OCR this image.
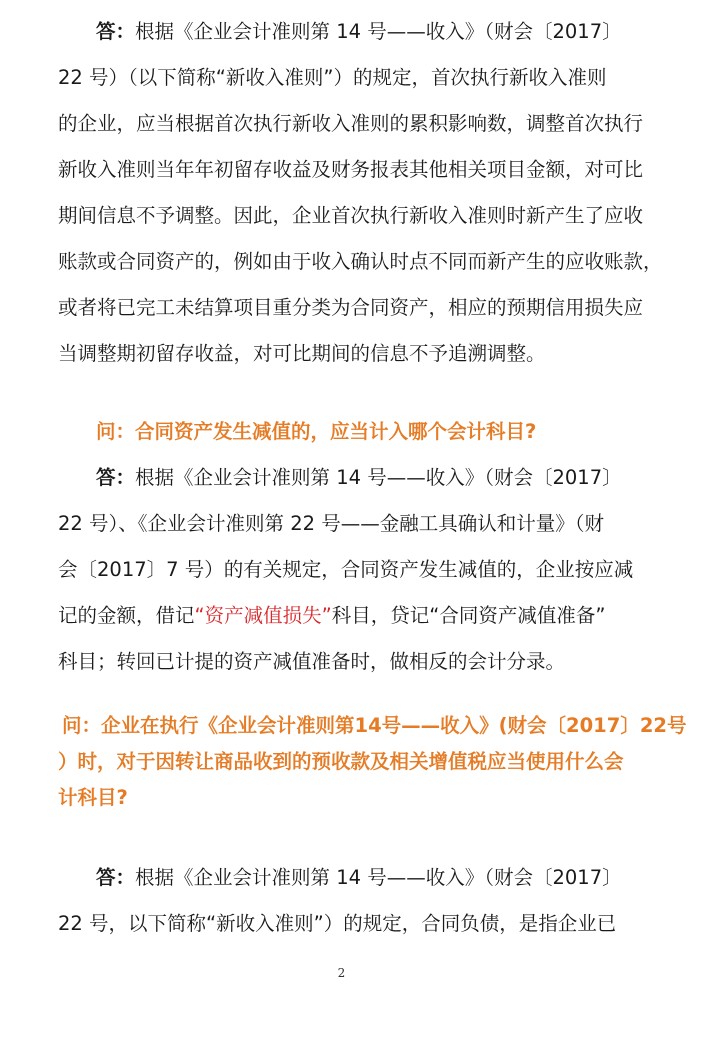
答：根据《企业会计准则第 14 号——收入》（财会〔2017〕
22 号）（以下简称“新收入准则”）的规定，首次执行新收入准则
的企业，应当根据首次执行新收入准则的累积影响数，调整首次执行
新收入准则当年年初留存收益及财务报表其他相关项目金额，对可比
期间信息不予调整。因此，企业首次执行新收入准则时新产生了应收
账款或合同资产的，例如由于收入确认时点不同而新产生的应收账款，
或者将已完工未结算项目重分类为合同资产，相应的预期信用损失应
当调整期初留存收益，对可比期间的信息不予追溯调整。
问：合同资产发生减值的，应当计入哪个会计科目?
答：根据《企业会计准则第 14 号——收入》（财会〔2017〕
22 号）、《企业会计准则第 22 号——金融工具确认和计量》（财
会〔2017〕7 号）的有关规定，合同资产发生减值的，企业按应减
记的金额，借记“资产减值损失”科目，贷记“合同资产减值准备”
科目；转回已计提的资产减值准备时，做相反的会计分录。
问：企业在执行《企业会计准则第14号——收入》(财会〔2017〕22号
）时，对于因转让商品收到的预收款及相关增值税应当使用什么会
计科目?
答：根据《企业会计准则第 14 号——收入》（财会〔2017〕
22 号，以下简称“新收入准则”）的规定，合同负债，是指企业已
2
